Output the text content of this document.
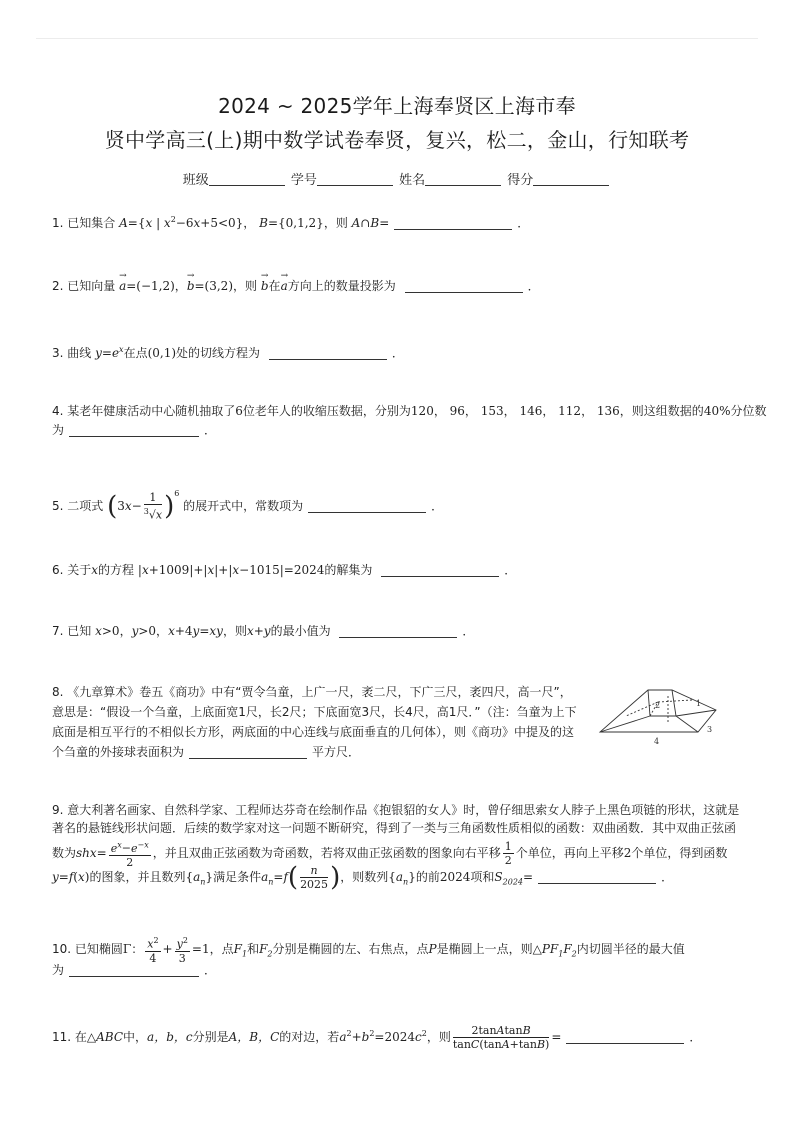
2024 ~ 2025学年上海奉贤区上海市奉
贤中学高三(上)期中数学试卷奉贤，复兴，松二，金山，行知联考
班级	学号	姓名	得分
1. 已知集合 A={x | $x^2-6x+5<0$}， B={0,1,2}，则 A∩B=	．
2. 已知向量 → a=(−1,2)，→ b=(3,2)，则 → b在→ a方向上的数量投影为	．
3. 曲线 $y=e^x$在点(0,1)处的切线方程为	．
4. 某老年健康活动中心随机抽取了6位老年人的收缩压数据，分别为120， 96， 153， 146， 112， 136，则这组数据的40%分位数
为	．
5. 二项式 $(3x- \frac{1}{^3√x} )^6$ 的展开式中，常数项为	．
6. 关于x的方程 |x+1009|+|x|+|x−1015|=2024的解集为	．
7. 已知 x>0，y>0，x+4y=xy，则x+y的最小值为	．
8. 《九章算术》卷五《商功》中有“贾令刍童，上广一尺，袤二尺，下广三尺，袤四尺，高一尺”，意思是：“假设一个刍童，上底面宽1尺，长2尺；下底面宽3尺，长4尺，高1尺．”（注：刍童为上下底面是相互平行的不相似长方形，两底面的中心连线与底面垂直的几何体），则《商功》中提及的这个刍童的外接球表面积为	平方尺．
1
2
3
4
9. 意大利著名画家、自然科学家、工程师达芬奇在绘制作品《抱银貂的女人》时，曾仔细思索女人脖子上黑色项链的形状，这就是
著名的悬链线形状问题．后续的数学家对这一问题不断研究，得到了一类与三角函数性质相似的函数：双曲函数．其中双曲正弦函
数为$shx= \frac{e^x-e^{-x}}{2}$ ，并且双曲正弦函数为奇函数，若将双曲正弦函数的图象向右平移 $\frac{1}{2}$ 个单位，再向上平移2个单位，得到函数
y=f(x)的图象，并且数列$\{a_n\}$满足条件$a_n=f( \frac{n}{2025}$ )，则数列$\{a_n\}$的前2024项和$S_{2024}=$	．
10. 已知椭圆Γ： $\frac{x^2}{4} + \frac{y^2}{3} =1$，点$F_1$和$F_2$分别是椭圆的左、右焦点，点P是椭圆上一点，则$\triangle PF_1F_2$内切圆半径的最大值
为	．
11. 在△ABC中，a，b，c分别是A，B，C的对边，若$a^2+b^2=2024c^2$，则 $\frac{\text{2tanAtanB}}{\tan C(\tan A+\tan B)}$ =	．
